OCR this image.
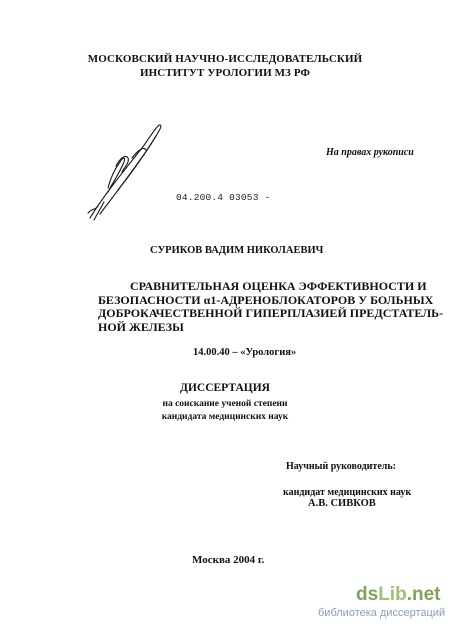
МОСКОВСКИЙ НАУЧНО-ИССЛЕДОВАТЕЛЬСКИЙ
ИНСТИТУТ УРОЛОГИИ МЗ РФ
На правах рукописи
04.200.4 03053 -
СУРИКОВ ВАДИМ НИКОЛАЕВИЧ
СРАВНИТЕЛЬНАЯ ОЦЕНКА ЭФФЕКТИВНОСТИ И
БЕЗОПАСНОСТИ α1-АДРЕНОБЛОКАТОРОВ У БОЛЬНЫХ
ДОБРОКАЧЕСТВЕННОЙ ГИПЕРПЛАЗИЕЙ ПРЕДСТАТЕЛЬ-
НОЙ ЖЕЛЕЗЫ
14.00.40 – «Урология»
ДИССЕРТАЦИЯ
на соискание ученой степени
кандидата медицинских наук
Научный руководитель:
кандидат медицинских наук
А.В. СИВКОВ
Москва 2004 г.
dsLib.net
библиотека диссертаций
